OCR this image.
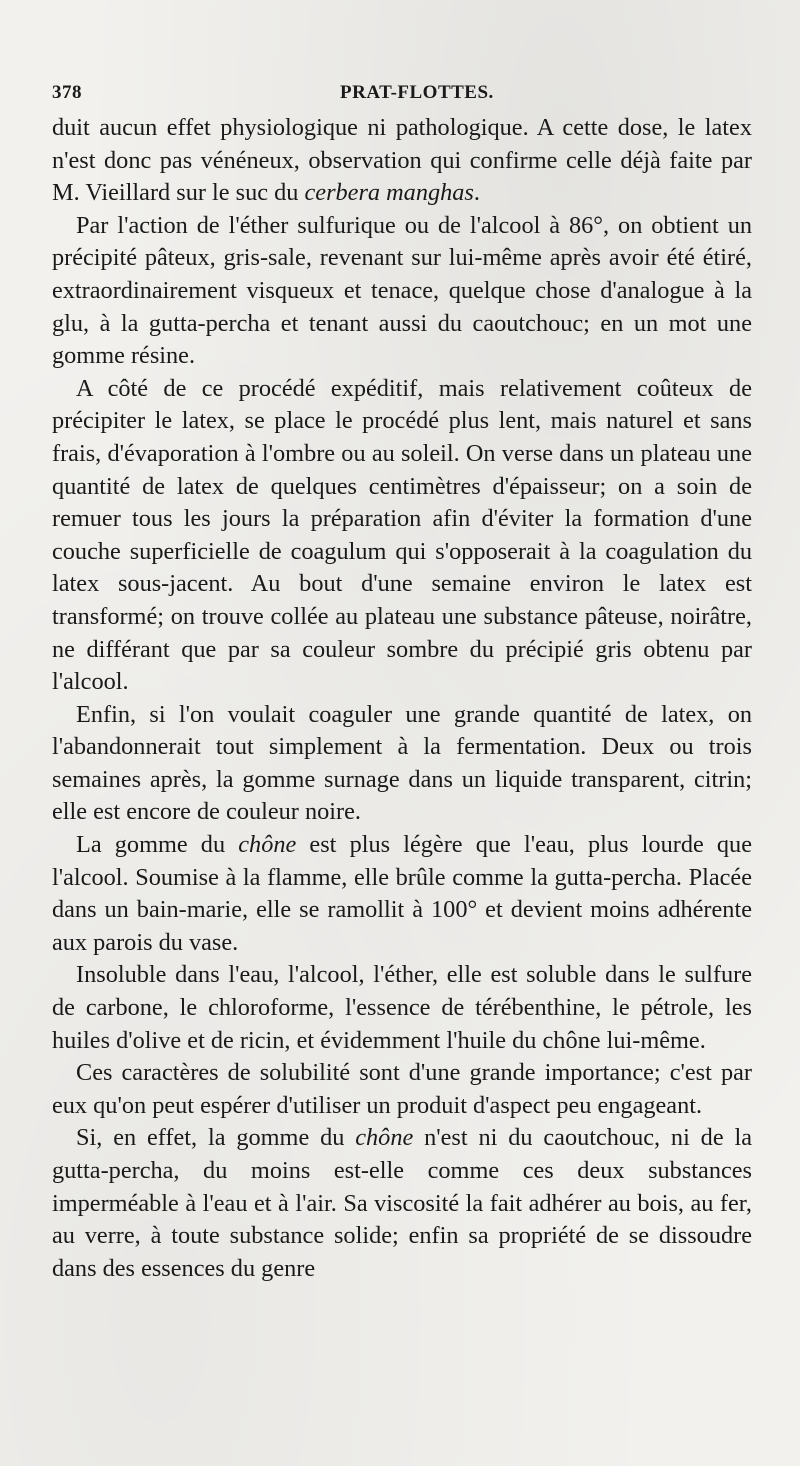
378	PRAT-FLOTTES.

duit aucun effet physiologique ni pathologique. A cette dose, le latex n'est donc pas vénéneux, observation qui confirme celle déjà faite par M. Vieillard sur le suc du cerbera manghas.

Par l'action de l'éther sulfurique ou de l'alcool à 86°, on obtient un précipité pâteux, gris-sale, revenant sur lui-même après avoir été étiré, extraordinairement visqueux et tenace, quelque chose d'analogue à la glu, à la gutta-percha et tenant aussi du caoutchouc; en un mot une gomme résine.

A côté de ce procédé expéditif, mais relativement coûteux de précipiter le latex, se place le procédé plus lent, mais naturel et sans frais, d'évaporation à l'ombre ou au soleil. On verse dans un plateau une quantité de latex de quelques centimètres d'épaisseur; on a soin de remuer tous les jours la préparation afin d'éviter la formation d'une couche superficielle de coagulum qui s'opposerait à la coagulation du latex sous-jacent. Au bout d'une semaine environ le latex est transformé; on trouve collée au plateau une substance pâteuse, noirâtre, ne différant que par sa couleur sombre du précipié gris obtenu par l'alcool.

Enfin, si l'on voulait coaguler une grande quantité de latex, on l'abandonnerait tout simplement à la fermentation. Deux ou trois semaines après, la gomme surnage dans un liquide transparent, citrin; elle est encore de couleur noire.

La gomme du chône est plus légère que l'eau, plus lourde que l'alcool. Soumise à la flamme, elle brûle comme la gutta-percha. Placée dans un bain-marie, elle se ramollit à 100° et devient moins adhérente aux parois du vase.

Insoluble dans l'eau, l'alcool, l'éther, elle est soluble dans le sulfure de carbone, le chloroforme, l'essence de térébenthine, le pétrole, les huiles d'olive et de ricin, et évidemment l'huile du chône lui-même.

Ces caractères de solubilité sont d'une grande importance; c'est par eux qu'on peut espérer d'utiliser un produit d'aspect peu engageant.

Si, en effet, la gomme du chône n'est ni du caoutchouc, ni de la gutta-percha, du moins est-elle comme ces deux substances imperméable à l'eau et à l'air. Sa viscosité la fait adhérer au bois, au fer, au verre, à toute substance solide; enfin sa propriété de se dissoudre dans des essences du genre
